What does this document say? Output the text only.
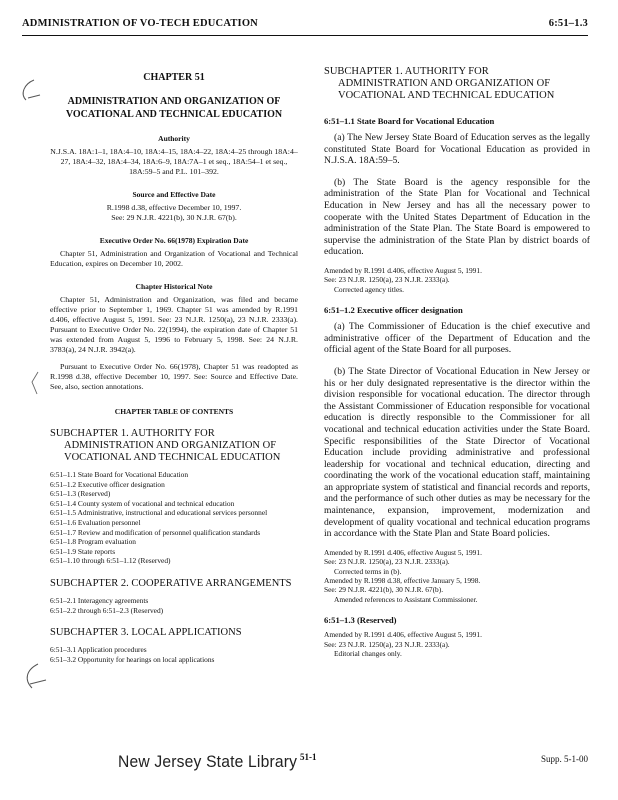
ADMINISTRATION OF VO-TECH EDUCATION	6:51–1.3
CHAPTER 51
ADMINISTRATION AND ORGANIZATION OF VOCATIONAL AND TECHNICAL EDUCATION
Authority
N.J.S.A. 18A:1–1, 18A:4–10, 18A:4–15, 18A:4–22, 18A:4–25 through 18A:4–27, 18A:4–32, 18A:4–34, 18A:6–9, 18A:7A–1 et seq., 18A:54–1 et seq., 18A:59–5 and P.L. 101–392.
Source and Effective Date
R.1998 d.38, effective December 10, 1997.
See: 29 N.J.R. 4221(b), 30 N.J.R. 67(b).
Executive Order No. 66(1978) Expiration Date
Chapter 51, Administration and Organization of Vocational and Technical Education, expires on December 10, 2002.
Chapter Historical Note
Chapter 51, Administration and Organization, was filed and became effective prior to September 1, 1969. Chapter 51 was amended by R.1991 d.406, effective August 5, 1991. See: 23 N.J.R. 1250(a), 23 N.J.R. 2333(a). Pursuant to Executive Order No. 22(1994), the expiration date of Chapter 51 was extended from August 5, 1996 to February 5, 1998. See: 24 N.J.R. 3783(a), 24 N.J.R. 3942(a).
Pursuant to Executive Order No. 66(1978), Chapter 51 was readopted as R.1998 d.38, effective December 10, 1997. See: Source and Effective Date. See, also, section annotations.
CHAPTER TABLE OF CONTENTS
SUBCHAPTER 1. AUTHORITY FOR
ADMINISTRATION AND ORGANIZATION OF VOCATIONAL AND TECHNICAL EDUCATION
6:51–1.1 State Board for Vocational Education
6:51–1.2 Executive officer designation
6:51–1.3 (Reserved)
6:51–1.4 County system of vocational and technical education
6:51–1.5 Administrative, instructional and educational services personnel
6:51–1.6 Evaluation personnel
6:51–1.7 Review and modification of personnel qualification standards
6:51–1.8 Program evaluation
6:51–1.9 State reports
6:51–1.10 through 6:51–1.12 (Reserved)
SUBCHAPTER 2. COOPERATIVE ARRANGEMENTS
6:51–2.1 Interagency agreements
6:51–2.2 through 6:51–2.3 (Reserved)
SUBCHAPTER 3. LOCAL APPLICATIONS
6:51–3.1 Application procedures
6:51–3.2 Opportunity for hearings on local applications
SUBCHAPTER 1. AUTHORITY FOR
ADMINISTRATION AND ORGANIZATION OF VOCATIONAL AND TECHNICAL EDUCATION
6:51–1.1 State Board for Vocational Education
(a) The New Jersey State Board of Education serves as the legally constituted State Board for Vocational Education as provided in N.J.S.A. 18A:59–5.
(b) The State Board is the agency responsible for the administration of the State Plan for Vocational and Technical Education in New Jersey and has all the necessary power to cooperate with the United States Department of Education in the administration of the State Plan. The State Board is empowered to supervise the administration of the State Plan by district boards of education.
Amended by R.1991 d.406, effective August 5, 1991.
See: 23 N.J.R. 1250(a), 23 N.J.R. 2333(a).
Corrected agency titles.
6:51–1.2 Executive officer designation
(a) The Commissioner of Education is the chief executive and administrative officer of the Department of Education and the official agent of the State Board for all purposes.
(b) The State Director of Vocational Education in New Jersey or his or her duly designated representative is the director within the division responsible for vocational education. The director through the Assistant Commissioner of Education responsible for vocational education is directly responsible to the Commissioner for all vocational and technical education activities under the State Board. Specific responsibilities of the State Director of Vocational Education include providing administrative and professional leadership for vocational and technical education, directing and coordinating the work of the vocational education staff, maintaining an appropriate system of statistical and financial records and reports, and the performance of such other duties as may be necessary for the maintenance, expansion, improvement, modernization and development of quality vocational and technical education programs in accordance with the State Plan and State Board policies.
Amended by R.1991 d.406, effective August 5, 1991.
See: 23 N.J.R. 1250(a), 23 N.J.R. 2333(a).
Corrected terms in (b).
Amended by R.1998 d.38, effective January 5, 1998.
See: 29 N.J.R. 4221(b), 30 N.J.R. 67(b).
Amended references to Assistant Commissioner.
6:51–1.3 (Reserved)
Amended by R.1991 d.406, effective August 5, 1991.
See: 23 N.J.R. 1250(a), 23 N.J.R. 2333(a).
Editorial changes only.
New Jersey State Library 51-1	Supp. 5-1-00
